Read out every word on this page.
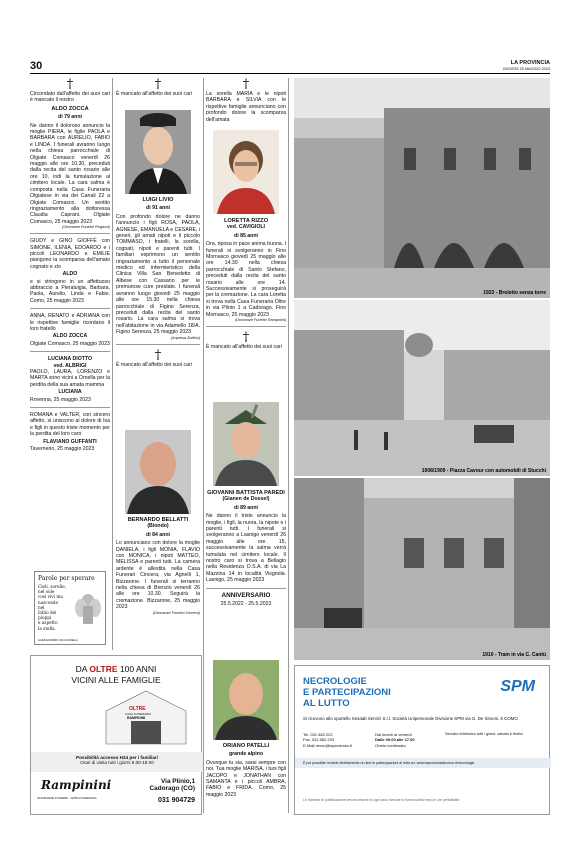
30	LA PROVINCIA
GIOVEDÌ 25 MAGGIO 2023
†
Circondato dall'affetto dei suoi cari è mancato il nostro
ALDO ZOCCA
di 79 anni
Ne danno il doloroso annuncio la moglie PIERA, le figlie PAOLA e BARBARA con AURELIO, FABIO e LINDA. I funerali avranno luogo nella chiesa parrocchiale di Olgiate Comasco venerdì 26 maggio alle ore 10.30, preceduti dalla recita del santo rosario alle ore 10, indi la tumulazione al cimitero locale. La cara salma è composta nella Casa Funeraria Olgiatese in via dei Canali 22 a Olgiate Comasco. Un sentito ringraziamento alla dottoressa Claudia Caprani. Olgiate Comasco, 25 maggio 2023
(Onoranze Funebri Regazzi)
GIUDY e GINO GIOFFÈ con SIMONE, ILENIA, EDOARDO e i piccoli LEONARDO e EMILIE piangono la scomparsa dell'amato cognato e zio
ALDO
e si stringono in un affettuoso abbraccio a Pieraluigia, Barbara, Paola, Aurelio, Linda e Fabio. Como, 25 maggio 2023
ANNA, RENATO e ADRIANA con le rispettive famiglie ricordano il loro fratello
ALDO ZOCCA
Olgiate Comasco, 25 maggio 2023
LUCIANA DIOTTO
ved. ALBRIGI
PAOLO, LAURA, LORENZO e MARTA sono vicini a Ornella per la perdita della sua amata mamma
LUCIANA
Rovenna, 25 maggio 2023
ROMANA e VALTER, con sincero affetto, si uniscono al dolore di Isa e figli in questo triste momento per la perdita del loro caro
FLAVIANO GUFFANTI
Tavernerio, 25 maggio 2023
Parole per sperare
Cieli, sorelle,
nel sole
così vivi ma
nascondo
nel
follio dei
pioppi
e aspetto
la stella.
ALESSANDRO ZUCCARELLI
†
È mancato all'affetto dei suoi cari
LUIGI LIVIO
di 91 anni
Con profondo dolore ne danno l'annuncio i figli ROSA, PAOLA, AGNESE, EMANUELA e CESARE, i generi, gli amati nipoti e il piccolo TOMMASO, i fratelli, la sorella, cognati, nipoti e parenti tutti. I familiari esprimono un sentito ringraziamento a tutto il personale medico ed infermieristico della Clinica Villa San Benedetto di Albese con Cassano per le premurose cure prestate. I funerali avranno luogo giovedì 25 maggio alle ore 15.30 nella chiesa parrocchiale di Figino Serenza, preceduti dalla recita del santo rosario. La cara salma si trova nell'abitazione in via Adamello 18/A. Figino Serenza, 25 maggio 2023
(Impresa Zottino)
†
È mancato all'affetto dei suoi cari
BERNARDO BELLATTI
(Biondo)
di 84 anni
Lo annunciano con dolore la moglie DANIELA, i figli MONIA, FLAVIO con MONICA, i nipoti MATTEO, MELISSA e parenti tutti. La camera ardente è allestita nella Casa Funerari Cincera, via Agnelli 1, Bizzarone. I funerali si terranno nella chiesa di Brenzio venerdì 26 alle ore 10.30. Seguirà la cremazione. Bizzarone, 25 maggio 2023
(Onoranze Funebri Cincera)
†
La sorella MARIA e le nipoti BARBARA e SILVIA con le rispettive famiglie annunciano con profondo dolore la scomparsa dell'amata
LORETTA RIZZO
ved. CAVIGIOLI
di 85 anni
Ora, riposa in pace anima buona. I funerali si svolgeranno in Fino Mornasco giovedì 25 maggio alle ore 14.30 nella chiesa parrocchiale di Santo Stefano, preceduti dalla recita del santo rosario alle ore 14. Successivamente si proseguirà per la cremazione. La cara Loretta si trova nella Casa Funeraria Oltre in via Plinio 1 a Cadorago. Fino Mornasco, 25 maggio 2023
(Onoranze Funebri Rampinini)
†
È mancato all'affetto dei suoi cari
GIOVANNI BATTISTA PAREDI
(Gianen de Dossel)
di 89 anni
Ne danno il triste annuncio la moglie, i figli, la nuora, la nipote e i parenti tutti. I funerali si svolgeranno a Lasnigo venerdì 26 maggio alle ore 15, successivamente la salma verrà tumulata nel cimitero locale. Il nostro caro si trova a Bellagio nella Residenza O.S.A. di via La Mazzina 14 in località Visgnola. Lasnigo, 25 maggio 2023
ANNIVERSARIO
25.5.2022 - 25.5.2023
ORIANO PATELLI
grande alpino
Ovunque tu sia, sarai sempre con noi. Tua moglie MARISA, i tuoi figli JACOPO e JONATHAN con SAMANTA e i piccoli AMBRA, FABIO e FRIDA. Como, 25 maggio 2023
1923 - Broletto senza torre
1908/1909 - Piazza Cavour con automobili di Stucchi
1910 - Tram in via C. Cantù
DA OLTRE 100 ANNI
VICINI ALLE FAMIGLIE
OLTRE
CASA FUNERARIA
RAMPININI
Possibilità accesso H24 per i familiari
Orari di visita tutti i giorni 8.00-18.00
Rampinini
ONORANZE FUNEBRI - ARTE FUNERARIA
Via Plinio,1
Cadorago (CO)
031 904729
NECROLOGIE
E PARTECIPAZIONI
AL LUTTO
SPM
Si ricevono allo sportello Sesaab Servizi S.r.l. Società Unipersonale Divisione SPM via G. De Simoni, 6 COMO
Tel. 031.582.222
Fax. 031.582.233
E-Mail necro@laprovincia.it
Dal lunedì al venerdì
Dalle 09.00 alle 17.00
Orario continuato
Servizio telefonico tutti i giorni: sabato e festivi
È poi possibile inviarlo direttamente on-line le partecipazioni al lutto su: www.laprovinciadicomo.it/necrologie
Le richieste di pubblicazione devono essere in ogni caso ricevute in forma scritta entro le ore prestabilite.
